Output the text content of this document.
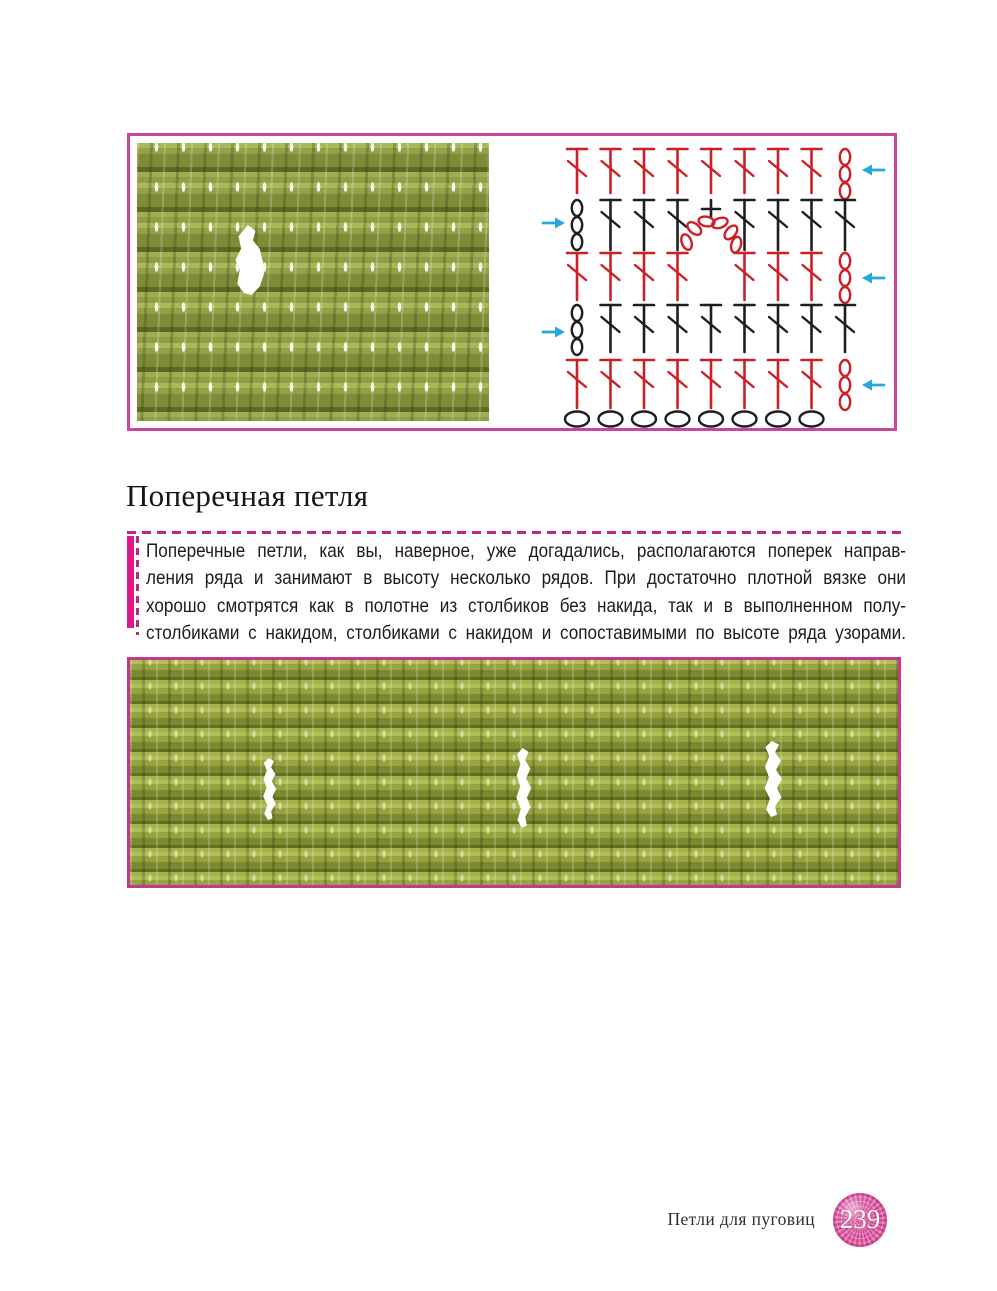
Поперечная петля
Поперечные петли, как вы, наверное, уже догадались, располагаются поперек направ-
ления ряда и занимают в высоту несколько рядов. При достаточно плотной вязке они
хорошо смотрятся как в полотне из столбиков без накида, так и в выполненном полу-
столбиками с накидом, столбиками с накидом и сопоставимыми по высоте ряда узорами.
Петли для пуговиц 239
